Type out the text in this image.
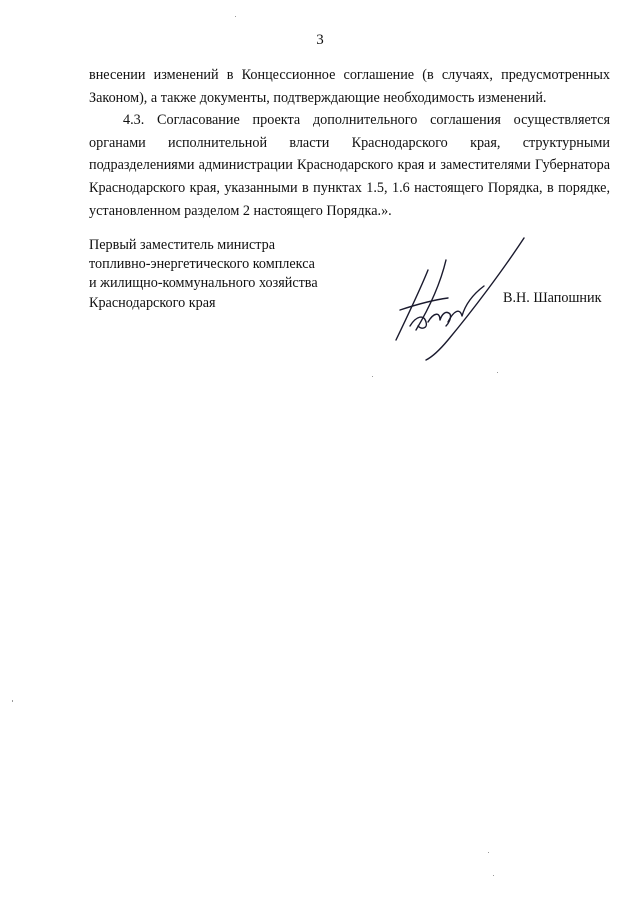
3

внесении изменений в Концессионное соглашение (в случаях, предусмотренных Законом), а также документы, подтверждающие необходимость изменений.

4.3. Согласование проекта дополнительного соглашения осуществляется органами исполнительной власти Краснодарского края, структурными подразделениями администрации Краснодарского края и заместителями Губернатора Краснодарского края, указанными в пунктах 1.5, 1.6 настоящего Порядка, в порядке, установленном разделом 2 настоящего Порядка.».

Первый заместитель министра
топливно-энергетического комплекса
и жилищно-коммунального хозяйства
Краснодарского края	В.Н. Шапошник
